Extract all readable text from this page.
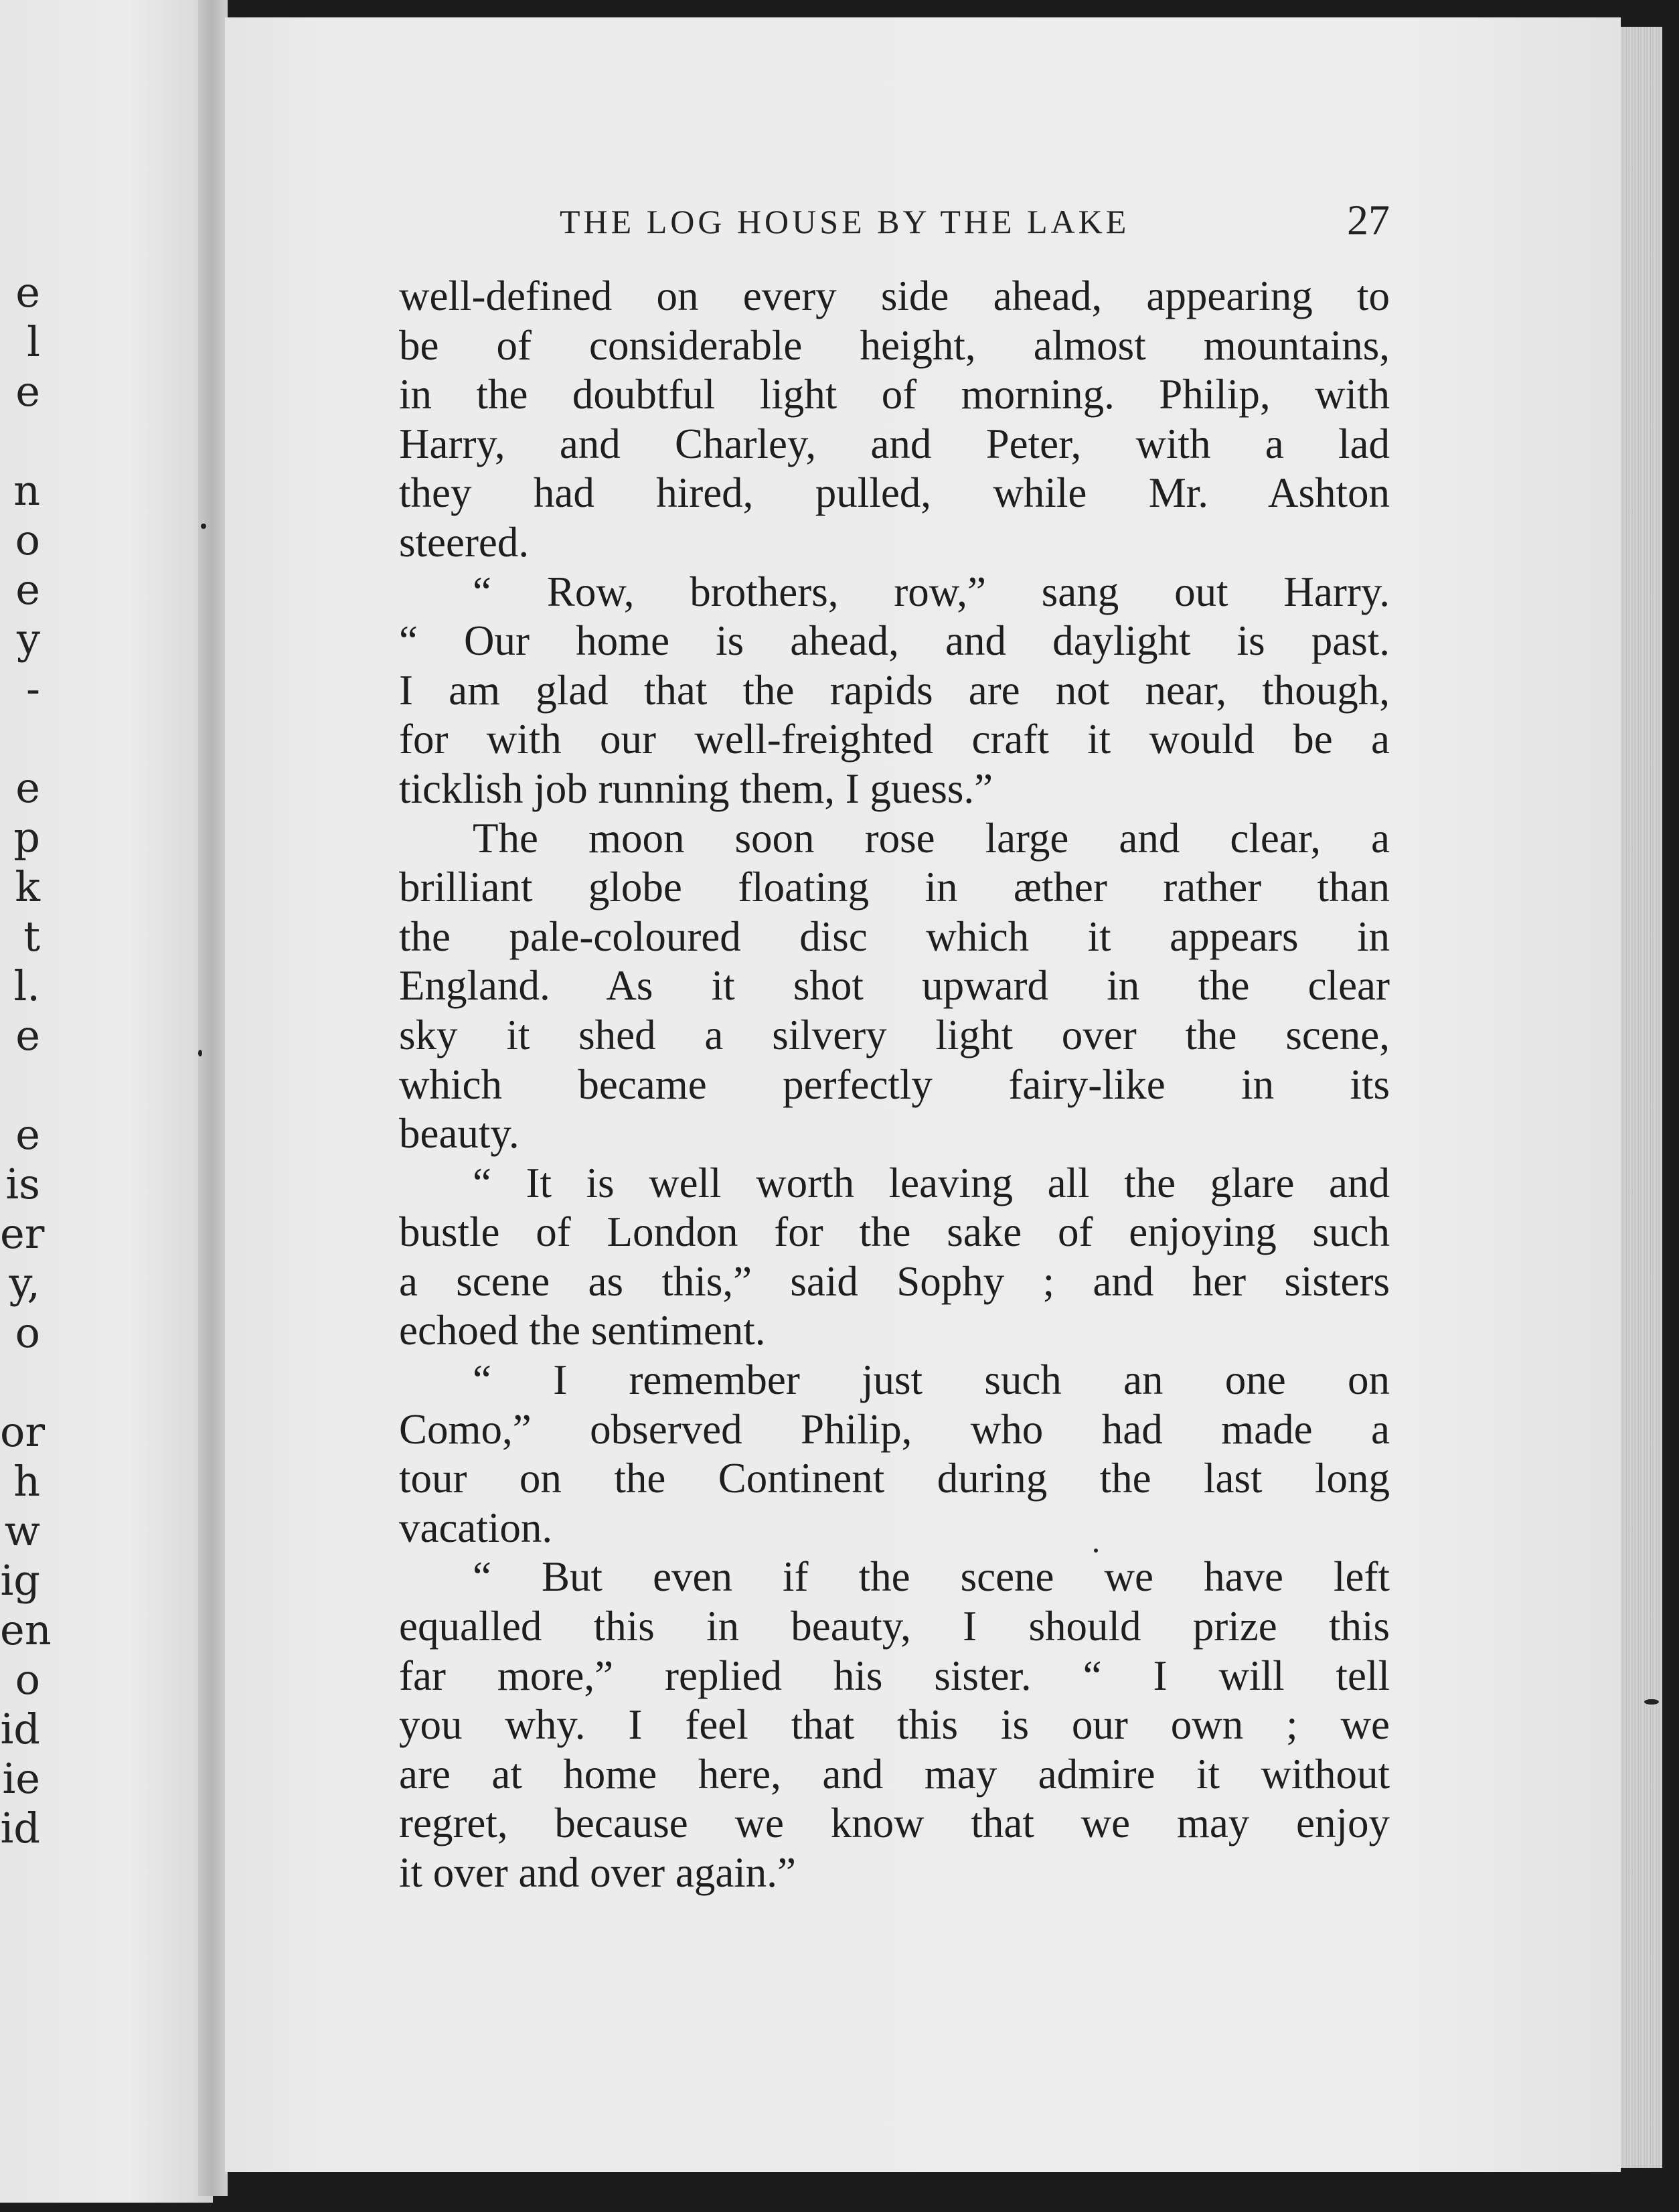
e
l
e
n
o
e
y
-
e
p
k
t
l.
e
e
is
er
y,
o
or
h
w
ig
en
o
id
ie
id
THE LOG HOUSE BY THE LAKE	27
well-defined on every side ahead, appearing to
be of considerable height, almost mountains,
in the doubtful light of morning. Philip, with
Harry, and Charley, and Peter, with a lad
they had hired, pulled, while Mr. Ashton
steered.
“ Row, brothers, row,” sang out Harry.
“ Our home is ahead, and daylight is past.
I am glad that the rapids are not near, though,
for with our well-freighted craft it would be a
ticklish job running them, I guess.”
The moon soon rose large and clear, a
brilliant globe floating in æther rather than
the pale-coloured disc which it appears in
England. As it shot upward in the clear
sky it shed a silvery light over the scene,
which became perfectly fairy-like in its
beauty.
“ It is well worth leaving all the glare and
bustle of London for the sake of enjoying such
a scene as this,” said Sophy ; and her sisters
echoed the sentiment.
“ I remember just such an one on
Como,” observed Philip, who had made a
tour on the Continent during the last long
vacation.
“ But even if the scene we have left
equalled this in beauty, I should prize this
far more,” replied his sister. “ I will tell
you why. I feel that this is our own ; we
are at home here, and may admire it without
regret, because we know that we may enjoy
it over and over again.”
